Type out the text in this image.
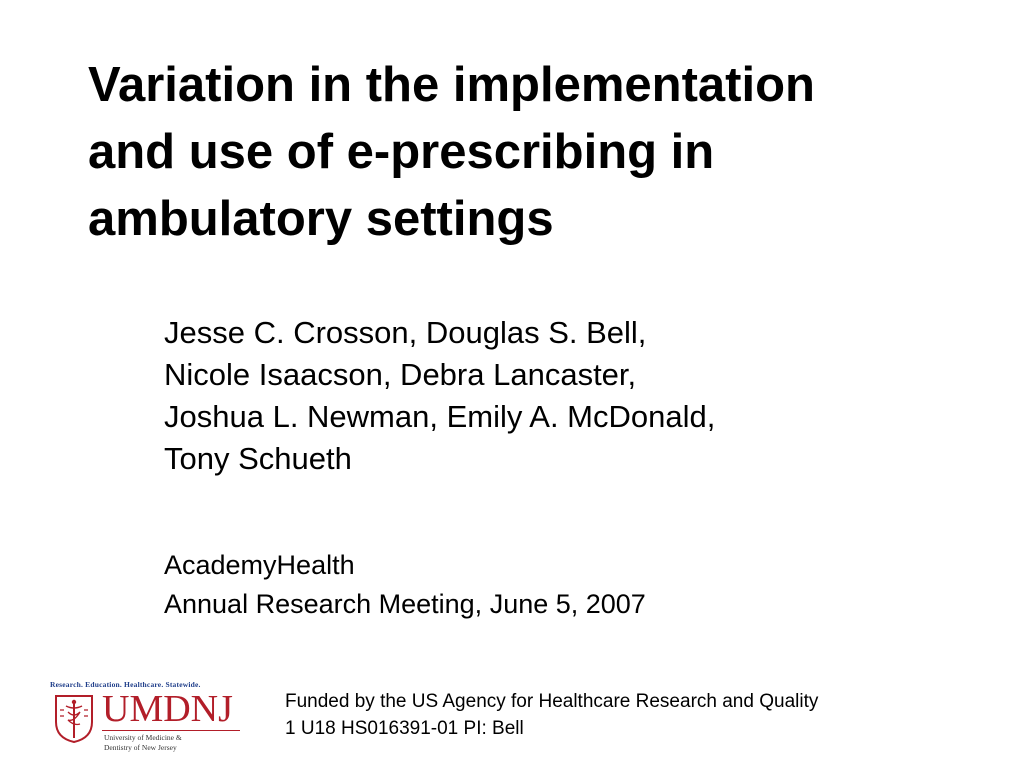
Variation in the implementation
and use of e-prescribing in
ambulatory settings
Jesse C. Crosson, Douglas S. Bell,
Nicole Isaacson, Debra Lancaster,
Joshua L. Newman, Emily A. McDonald,
Tony Schueth
AcademyHealth
Annual Research Meeting, June 5, 2007
Research. Education. Healthcare. Statewide.
UMDNJ
University of Medicine &
Dentistry of New Jersey
Funded by the US Agency for Healthcare Research and Quality
1 U18 HS016391-01 PI: Bell
